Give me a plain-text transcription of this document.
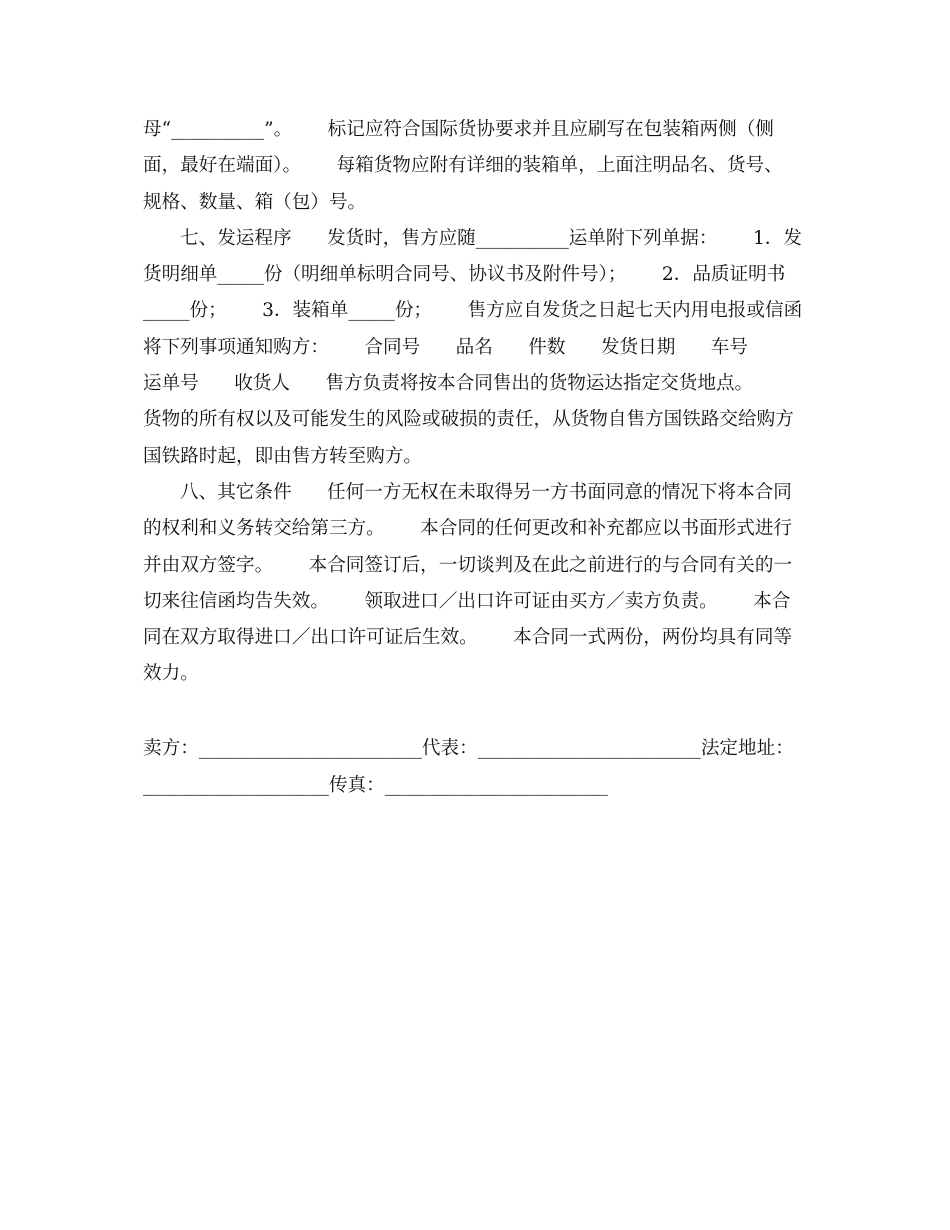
母“__________”。      标记应符合国际货协要求并且应刷写在包装箱两侧（侧
面，最好在端面）。      每箱货物应附有详细的装箱单，上面注明品名、货号、
规格、数量、箱（包）号。
七、发运程序      发货时，售方应随__________运单附下列单据：      1．发
货明细单_____份（明细单标明合同号、协议书及附件号）；      2．品质证明书
_____份；      3．装箱单_____份；      售方应自发货之日起七天内用电报或信函
将下列事项通知购方：      合同号      品名      件数      发货日期      车号
运单号      收货人      售方负责将按本合同售出的货物运达指定交货地点。
货物的所有权以及可能发生的风险或破损的责任，从货物自售方国铁路交给购方
国铁路时起，即由售方转至购方。
八、其它条件      任何一方无权在未取得另一方书面同意的情况下将本合同
的权利和义务转交给第三方。      本合同的任何更改和补充都应以书面形式进行
并由双方签字。      本合同签订后，一切谈判及在此之前进行的与合同有关的一
切来往信函均告失效。      领取进口／出口许可证由买方／卖方负责。      本合
同在双方取得进口／出口许可证后生效。      本合同一式两份，两份均具有同等
效力。
卖方：________________________代表：________________________法定地址：
____________________传真：________________________
